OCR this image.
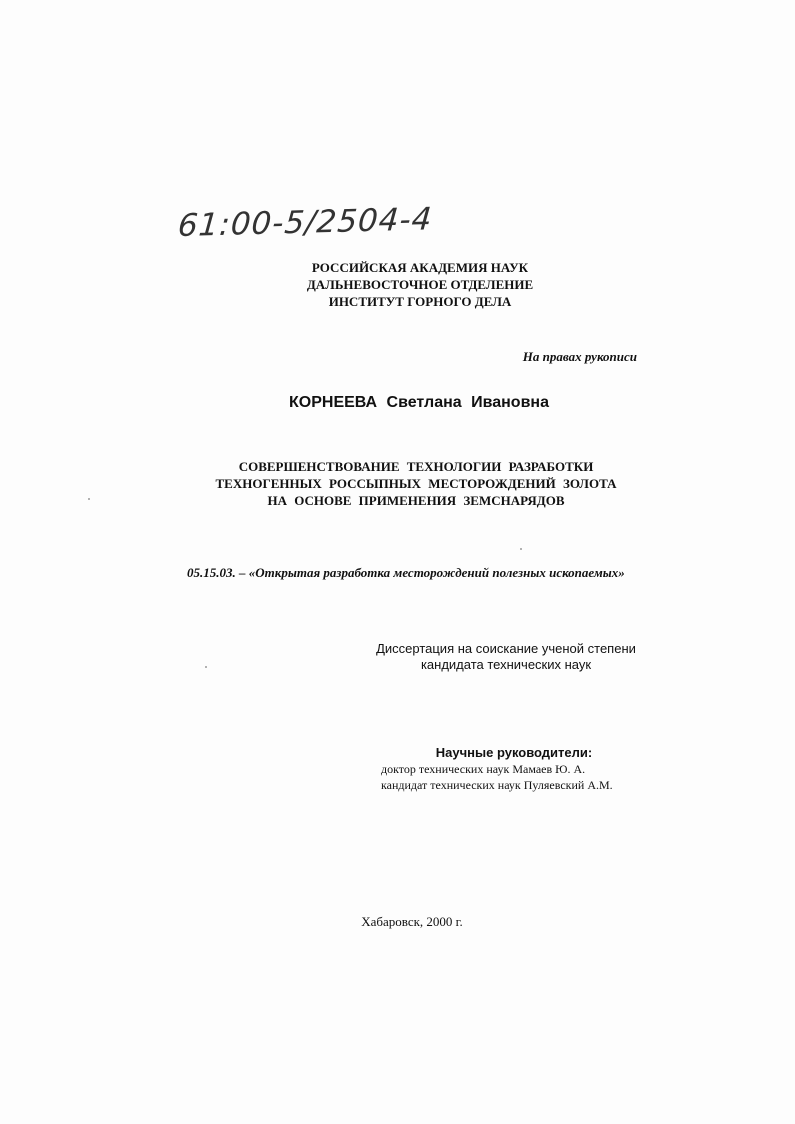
61:00-5/2504-4
РОССИЙСКАЯ АКАДЕМИЯ НАУК
ДАЛЬНЕВОСТОЧНОЕ ОТДЕЛЕНИЕ
ИНСТИТУТ ГОРНОГО ДЕЛА
На правах рукописи
КОРНЕЕВА Светлана Ивановна
СОВЕРШЕНСТВОВАНИЕ ТЕХНОЛОГИИ РАЗРАБОТКИ
ТЕХНОГЕННЫХ РОССЫПНЫХ МЕСТОРОЖДЕНИЙ ЗОЛОТА
НА ОСНОВЕ ПРИМЕНЕНИЯ ЗЕМСНАРЯДОВ
05.15.03. – «Открытая разработка месторождений полезных ископаемых»
Диссертация на соискание ученой степени
кандидата технических наук
Научные руководители:
доктор технических наук Мамаев Ю. А.
кандидат технических наук Пуляевский А.М.
Хабаровск, 2000 г.
